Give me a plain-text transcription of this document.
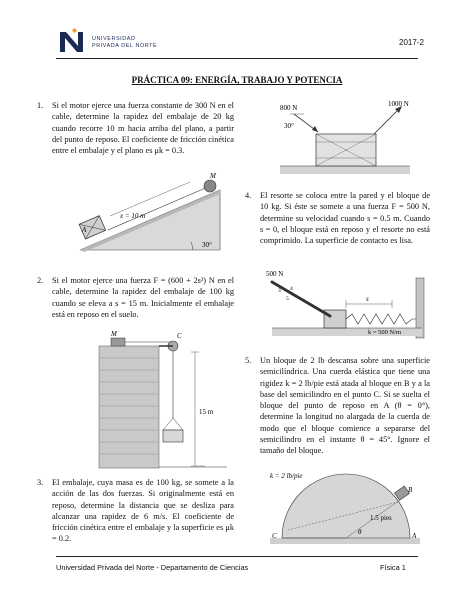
UNIVERSIDAD
PRIVADA DEL NORTE	2017-2
PRÁCTICA 09: ENERGÍA, TRABAJO Y POTENCIA
1. Si el motor ejerce una fuerza constante de 300 N en el cable, determine la rapidez del embalaje de 20 kg cuando recorre 10 m hacia arriba del plano, a partir del punto de reposo. El coeficiente de fricción cinética entre el embalaje y el plano es μk = 0.3.
M
x = 10 m
A
30°
2. Si el motor ejerce una fuerza F = (600 + 2s²) N en el cable, determine la rapidez del embalaje de 100 kg cuando se eleva a s = 15 m. Inicialmente el embalaje está en reposo en el suelo.
M	C
15 m
3. El embalaje, cuya masa es de 100 kg, se somete a la acción de las dos fuerzas. Si originalmente está en reposo, determine la distancia que se desliza para alcanzar una rapidez de 6 m/s. El coeficiente de fricción cinética entre el embalaje y la superficie es μk = 0.2.
800 N	1000 N
30°
4. El resorte se coloca entre la pared y el bloque de 10 kg. Si éste se somete a una fuerza F = 500 N, determine su velocidad cuando s = 0.5 m. Cuando s = 0, el bloque está en reposo y el resorte no está comprimido. La superficie de contacto es lisa.
500 N
3 4
5	s
k = 500 N/m
5. Un bloque de 2 lb descansa sobre una superficie semicilíndrica. Una cuerda elástica que tiene una rigidez k = 2 lb/pie está atada al bloque en B y a la base del semicilindro en el punto C. Si se suelta el bloque del punto de reposo en A (θ = 0°), determine la longitud no alargada de la cuerda de modo que el bloque comience a separarse del semicilindro en el instante θ = 45°. Ignore el tamaño del bloque.
k = 2 lb/pie
B
1.5 pies
θ
C	A
Universidad Privada del Norte - Departamento de Ciencias	Física 1
